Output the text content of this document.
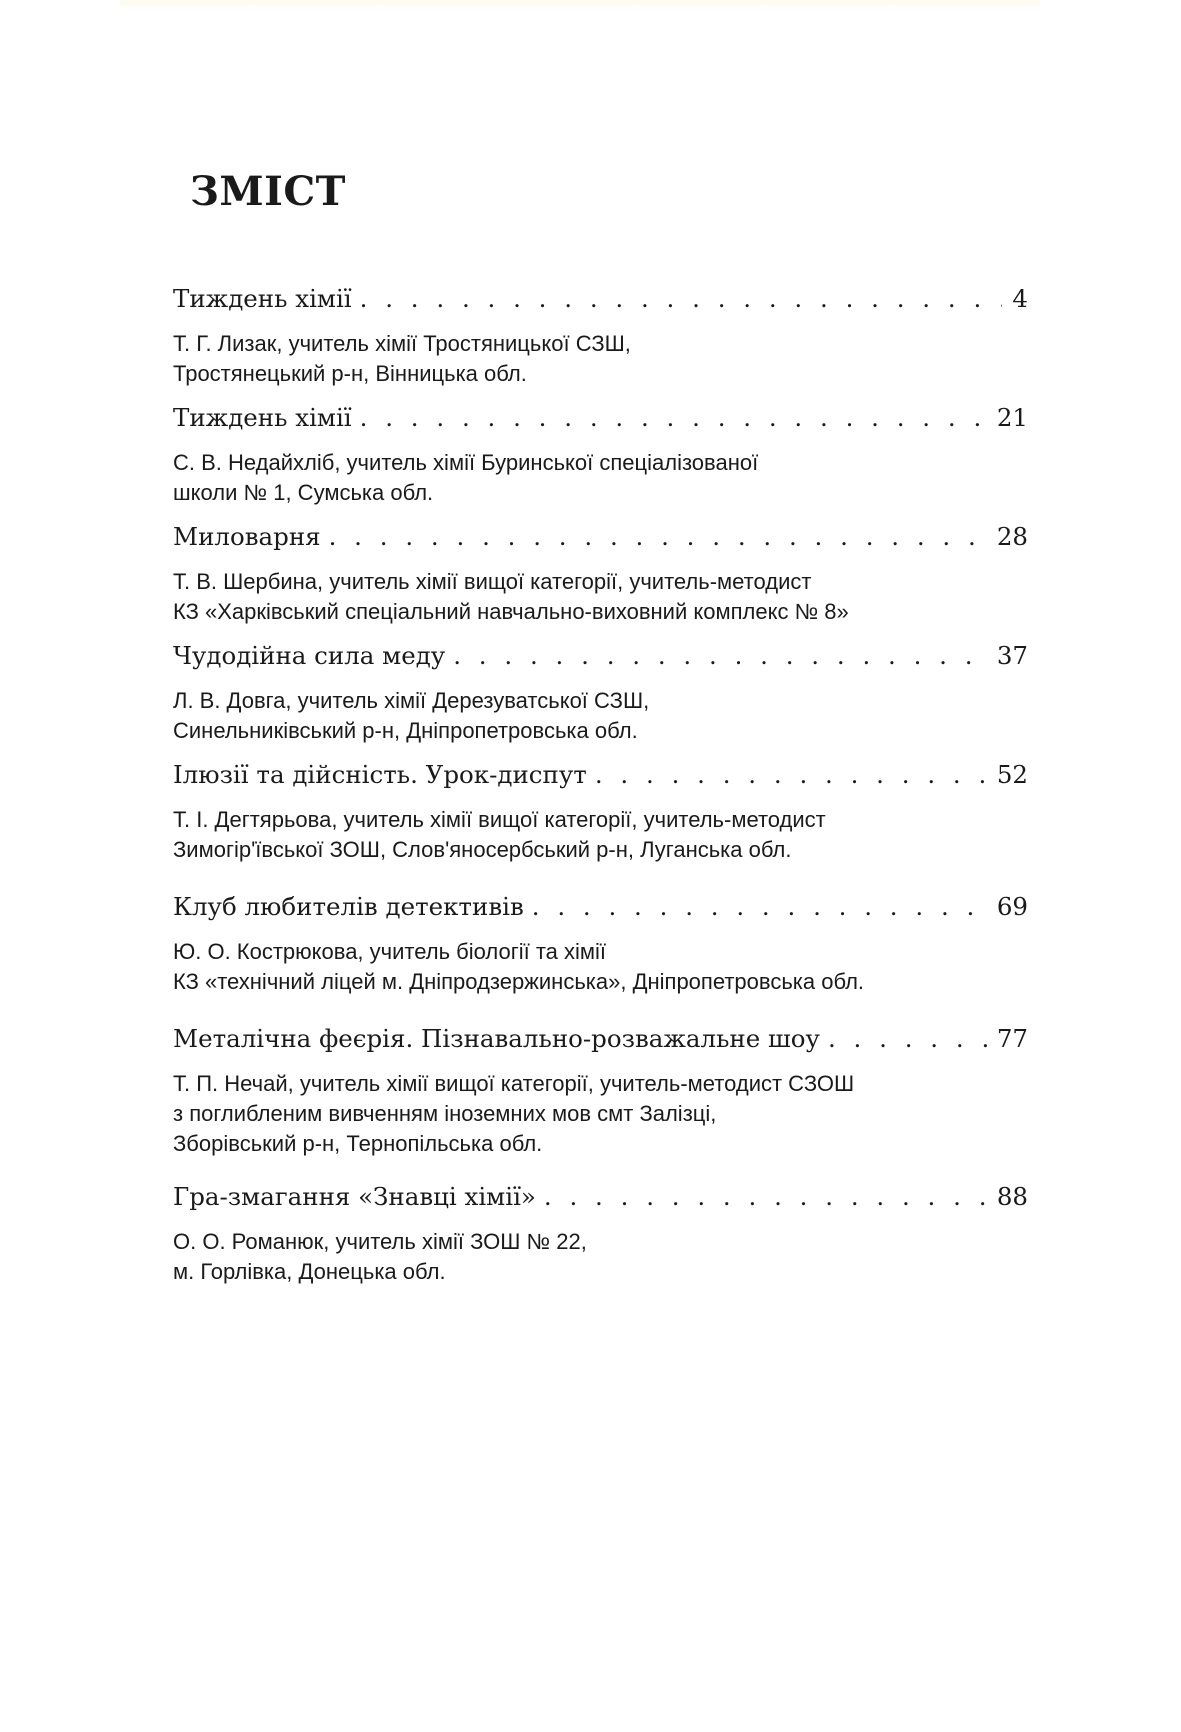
ЗМІСТ
Тиждень хімії . . .	4
Т. Г. Лизак, учитель хімії Тростяницької СЗШ,
Тростянецький р-н, Вінницька обл.
Тиждень хімії . . .	21
С. В. Недайхліб, учитель хімії Буринської спеціалізованої
школи № 1, Сумська обл.
Миловарня . . .	28
Т. В. Шербина, учитель хімії вищої категорії, учитель-методист
КЗ «Харківський спеціальний навчально-виховний комплекс № 8»
Чудодійна сила меду . . .	37
Л. В. Довга, учитель хімії Дерезуватської СЗШ,
Синельниківський р-н, Дніпропетровська обл.
Ілюзії та дійсність. Урок-диспут . . .	52
Т. І. Дегтярьова, учитель хімії вищої категорії, учитель-методист
Зимогір'ївської ЗОШ, Слов'яносербський р-н, Луганська обл.
Клуб любителів детективів . . .	69
Ю. О. Кострюкова, учитель біології та хімії
КЗ «технічний ліцей м. Дніпродзержинська», Дніпропетровська обл.
Металічна феєрія. Пізнавально-розважальне шоу . . .	77
Т. П. Нечай, учитель хімії вищої категорії, учитель-методист СЗОШ
з поглибленим вивченням іноземних мов смт Залізці,
Зборівський р-н, Тернопільська обл.
Гра-змагання «Знавці хімії» . . .	88
О. О. Романюк, учитель хімії ЗОШ № 22,
м. Горлівка, Донецька обл.
